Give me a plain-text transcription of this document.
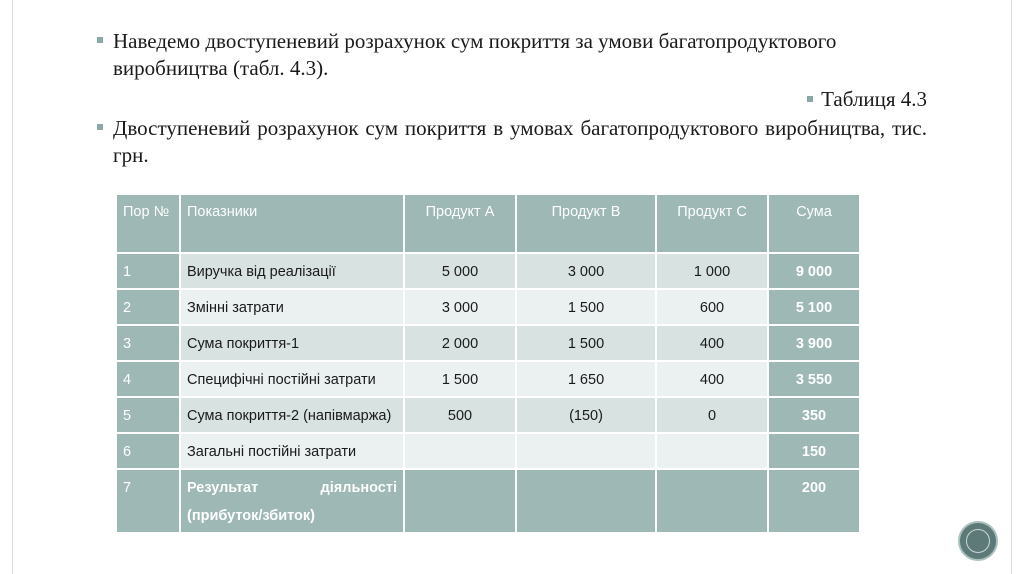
Наведемо двоступеневий розрахунок сум покриття за умови багатопродуктового виробництва (табл. 4.3).
Таблиця 4.3
Двоступеневий розрахунок сум покриття в умовах багатопродуктового виробництва, тис. грн.
Пор №	Показники	Продукт А	Продукт В	Продукт С	Сума
1	Виручка від реалізації	5 000	3 000	1 000	9 000
2	Змінні затрати	3 000	1 500	600	5 100
3	Сума покриття-1	2 000	1 500	400	3 900
4	Специфічні постійні затрати	1 500	1 650	400	3 550
5	Сума покриття-2 (напівмаржа)	500	(150)	0	350
6	Загальні постійні затрати				150
7	Результат діяльності (прибуток/збиток)				200
